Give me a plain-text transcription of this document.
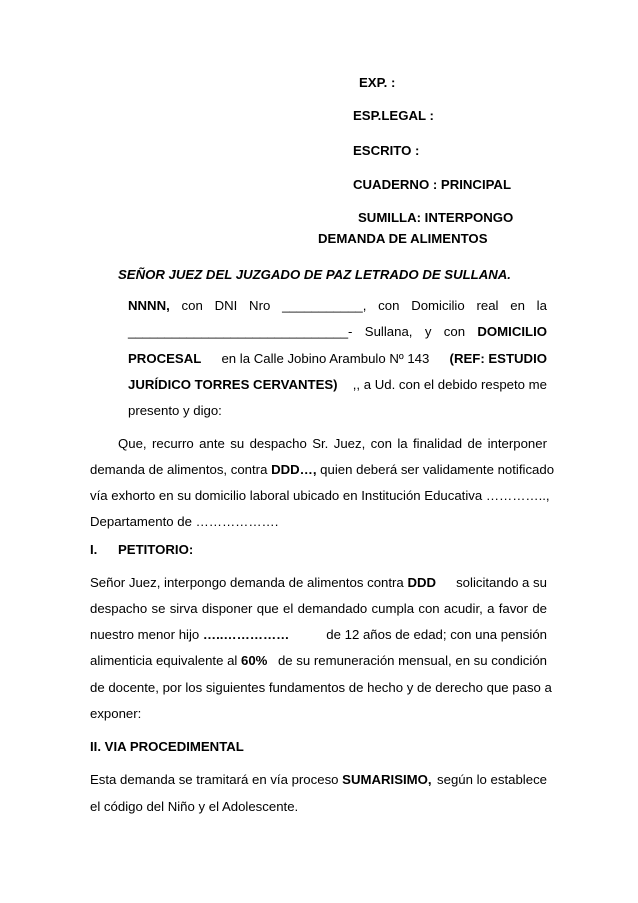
EXP. :
ESP.LEGAL :
ESCRITO :
CUADERNO : PRINCIPAL
SUMILLA: INTERPONGO
DEMANDA DE ALIMENTOS
SEÑOR JUEZ DEL JUZGADO DE PAZ LETRADO DE SULLANA.
NNNN, con DNI Nro ___________, con Domicilio real en la
______________________________- Sullana, y con DOMICILIO
PROCESAL en la Calle Jobino Arambulo Nº 143 (REF: ESTUDIO
JURÍDICO TORRES CERVANTES)	,, a Ud. con el debido respeto me
presento y digo:
Que, recurro ante su despacho Sr. Juez, con la finalidad de interponer
demanda de alimentos, contra DDD…, quien deberá ser validamente notificado
vía exhorto en su domicilio laboral ubicado en Institución Educativa …………..,
Departamento de ……………….
I. PETITORIO:
Señor Juez, interpongo demanda de alimentos contra DDD	solicitando a su
despacho se sirva disponer que el demandado cumpla con acudir, a favor de
nuestro menor hijo …..……………	de 12 años de edad; con una pensión
alimenticia equivalente al 60% de su remuneración mensual, en su condición
de docente, por los siguientes fundamentos de hecho y de derecho que paso a
exponer:
II. VIA PROCEDIMENTAL
Esta demanda se tramitará en vía proceso SUMARISIMO, según lo establece
el código del Niño y el Adolescente.
